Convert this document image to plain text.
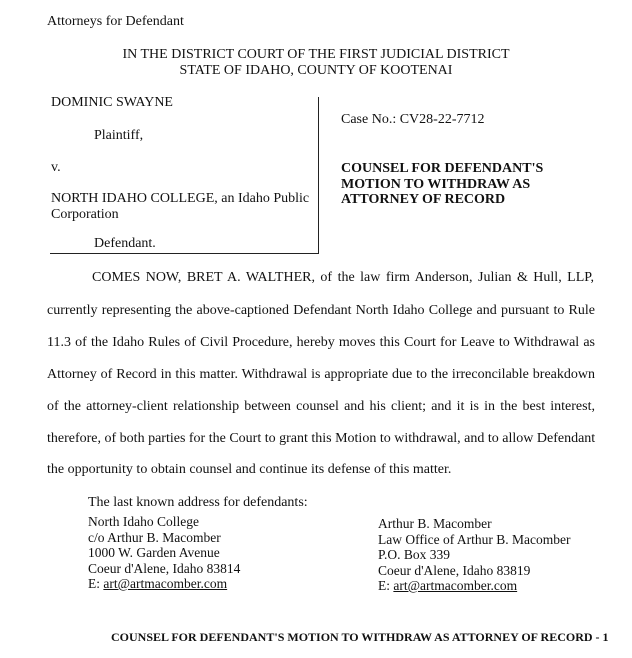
Attorneys for Defendant
IN THE DISTRICT COURT OF THE FIRST JUDICIAL DISTRICT
STATE OF IDAHO, COUNTY OF KOOTENAI
DOMINIC SWAYNE
Plaintiff,
v.
NORTH IDAHO COLLEGE, an Idaho Public
Corporation
Defendant.
Case No.: CV28-22-7712
COUNSEL FOR DEFENDANT'S
MOTION TO WITHDRAW AS
ATTORNEY OF RECORD
COMES NOW, BRET A. WALTHER, of the law firm Anderson, Julian & Hull, LLP,
currently representing the above-captioned Defendant North Idaho College and pursuant to Rule
11.3 of the Idaho Rules of Civil Procedure, hereby moves this Court for Leave to Withdrawal as
Attorney of Record in this matter. Withdrawal is appropriate due to the irreconcilable breakdown
of the attorney-client relationship between counsel and his client; and it is in the best interest,
therefore, of both parties for the Court to grant this Motion to withdrawal, and to allow Defendant
the opportunity to obtain counsel and continue its defense of this matter.
The last known address for defendants:
North Idaho College
c/o Arthur B. Macomber
1000 W. Garden Avenue
Coeur d'Alene, Idaho 83814
E: art@artmacomber.com
Arthur B. Macomber
Law Office of Arthur B. Macomber
P.O. Box 339
Coeur d'Alene, Idaho 83819
E: art@artmacomber.com
COUNSEL FOR DEFENDANT'S MOTION TO WITHDRAW AS ATTORNEY OF RECORD - 1
